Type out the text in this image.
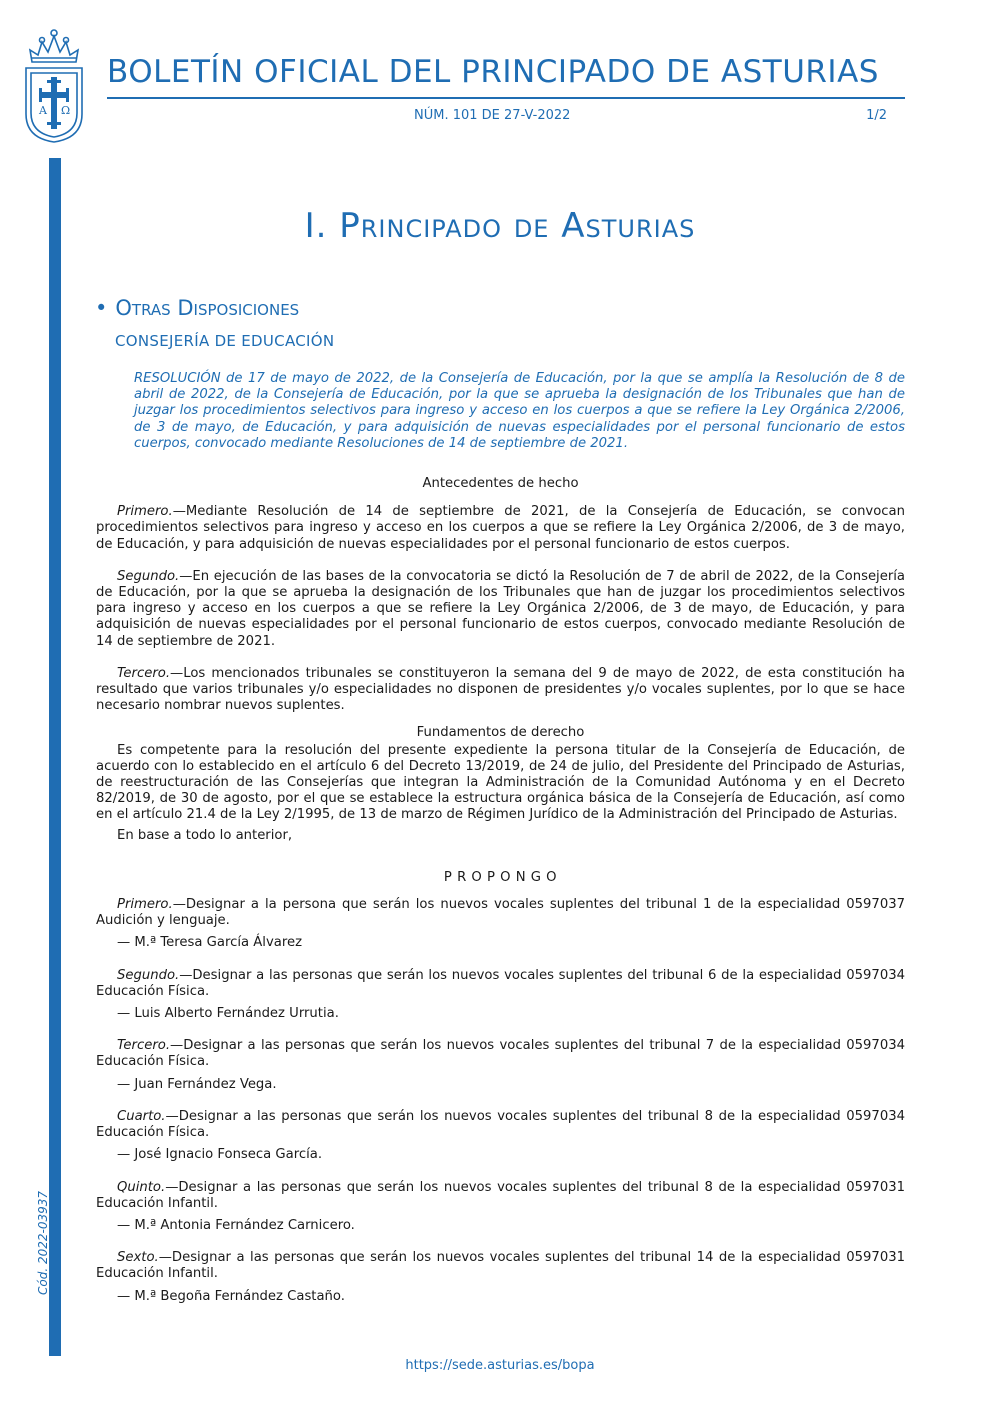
A Ω
Cód. 2022-03937
BOLETÍN OFICIAL DEL PRINCIPADO DE ASTURIAS
NÚM. 101 DE 27-V-2022	1/2
I. Principado de Asturias
• Otras Disposiciones
CONSEJERÍA DE EDUCACIÓN
RESOLUCIÓN de 17 de mayo de 2022, de la Consejería de Educación, por la que se amplía la Resolución de 8 de abril de 2022, de la Consejería de Educación, por la que se aprueba la designación de los Tribunales que han de juzgar los procedimientos selectivos para ingreso y acceso en los cuerpos a que se refiere la Ley Orgánica 2/2006, de 3 de mayo, de Educación, y para adquisición de nuevas especialidades por el personal funcionario de estos cuerpos, convocado mediante Resoluciones de 14 de septiembre de 2021.
Antecedentes de hecho
Primero.—Mediante Resolución de 14 de septiembre de 2021, de la Consejería de Educación, se convocan procedimientos selectivos para ingreso y acceso en los cuerpos a que se refiere la Ley Orgánica 2/2006, de 3 de mayo, de Educación, y para adquisición de nuevas especialidades por el personal funcionario de estos cuerpos.
Segundo.—En ejecución de las bases de la convocatoria se dictó la Resolución de 7 de abril de 2022, de la Consejería de Educación, por la que se aprueba la designación de los Tribunales que han de juzgar los procedimientos selectivos para ingreso y acceso en los cuerpos a que se refiere la Ley Orgánica 2/2006, de 3 de mayo, de Educación, y para adquisición de nuevas especialidades por el personal funcionario de estos cuerpos, convocado mediante Resolución de 14 de septiembre de 2021.
Tercero.—Los mencionados tribunales se constituyeron la semana del 9 de mayo de 2022, de esta constitución ha resultado que varios tribunales y/o especialidades no disponen de presidentes y/o vocales suplentes, por lo que se hace necesario nombrar nuevos suplentes.
Fundamentos de derecho
Es competente para la resolución del presente expediente la persona titular de la Consejería de Educación, de acuerdo con lo establecido en el artículo 6 del Decreto 13/2019, de 24 de julio, del Presidente del Principado de Asturias, de reestructuración de las Consejerías que integran la Administración de la Comunidad Autónoma y en el Decreto 82/2019, de 30 de agosto, por el que se establece la estructura orgánica básica de la Consejería de Educación, así como en el artículo 21.4 de la Ley 2/1995, de 13 de marzo de Régimen Jurídico de la Administración del Principado de Asturias.
En base a todo lo anterior,
P R O P O N G O
Primero.—Designar a la persona que serán los nuevos vocales suplentes del tribunal 1 de la especialidad 0597037 Audición y lenguaje.
— M.ª Teresa García Álvarez
Segundo.—Designar a las personas que serán los nuevos vocales suplentes del tribunal 6 de la especialidad 0597034 Educación Física.
— Luis Alberto Fernández Urrutia.
Tercero.—Designar a las personas que serán los nuevos vocales suplentes del tribunal 7 de la especialidad 0597034 Educación Física.
— Juan Fernández Vega.
Cuarto.—Designar a las personas que serán los nuevos vocales suplentes del tribunal 8 de la especialidad 0597034 Educación Física.
— José Ignacio Fonseca García.
Quinto.—Designar a las personas que serán los nuevos vocales suplentes del tribunal 8 de la especialidad 0597031 Educación Infantil.
— M.ª Antonia Fernández Carnicero.
Sexto.—Designar a las personas que serán los nuevos vocales suplentes del tribunal 14 de la especialidad 0597031 Educación Infantil.
— M.ª Begoña Fernández Castaño.
https://sede.asturias.es/bopa
